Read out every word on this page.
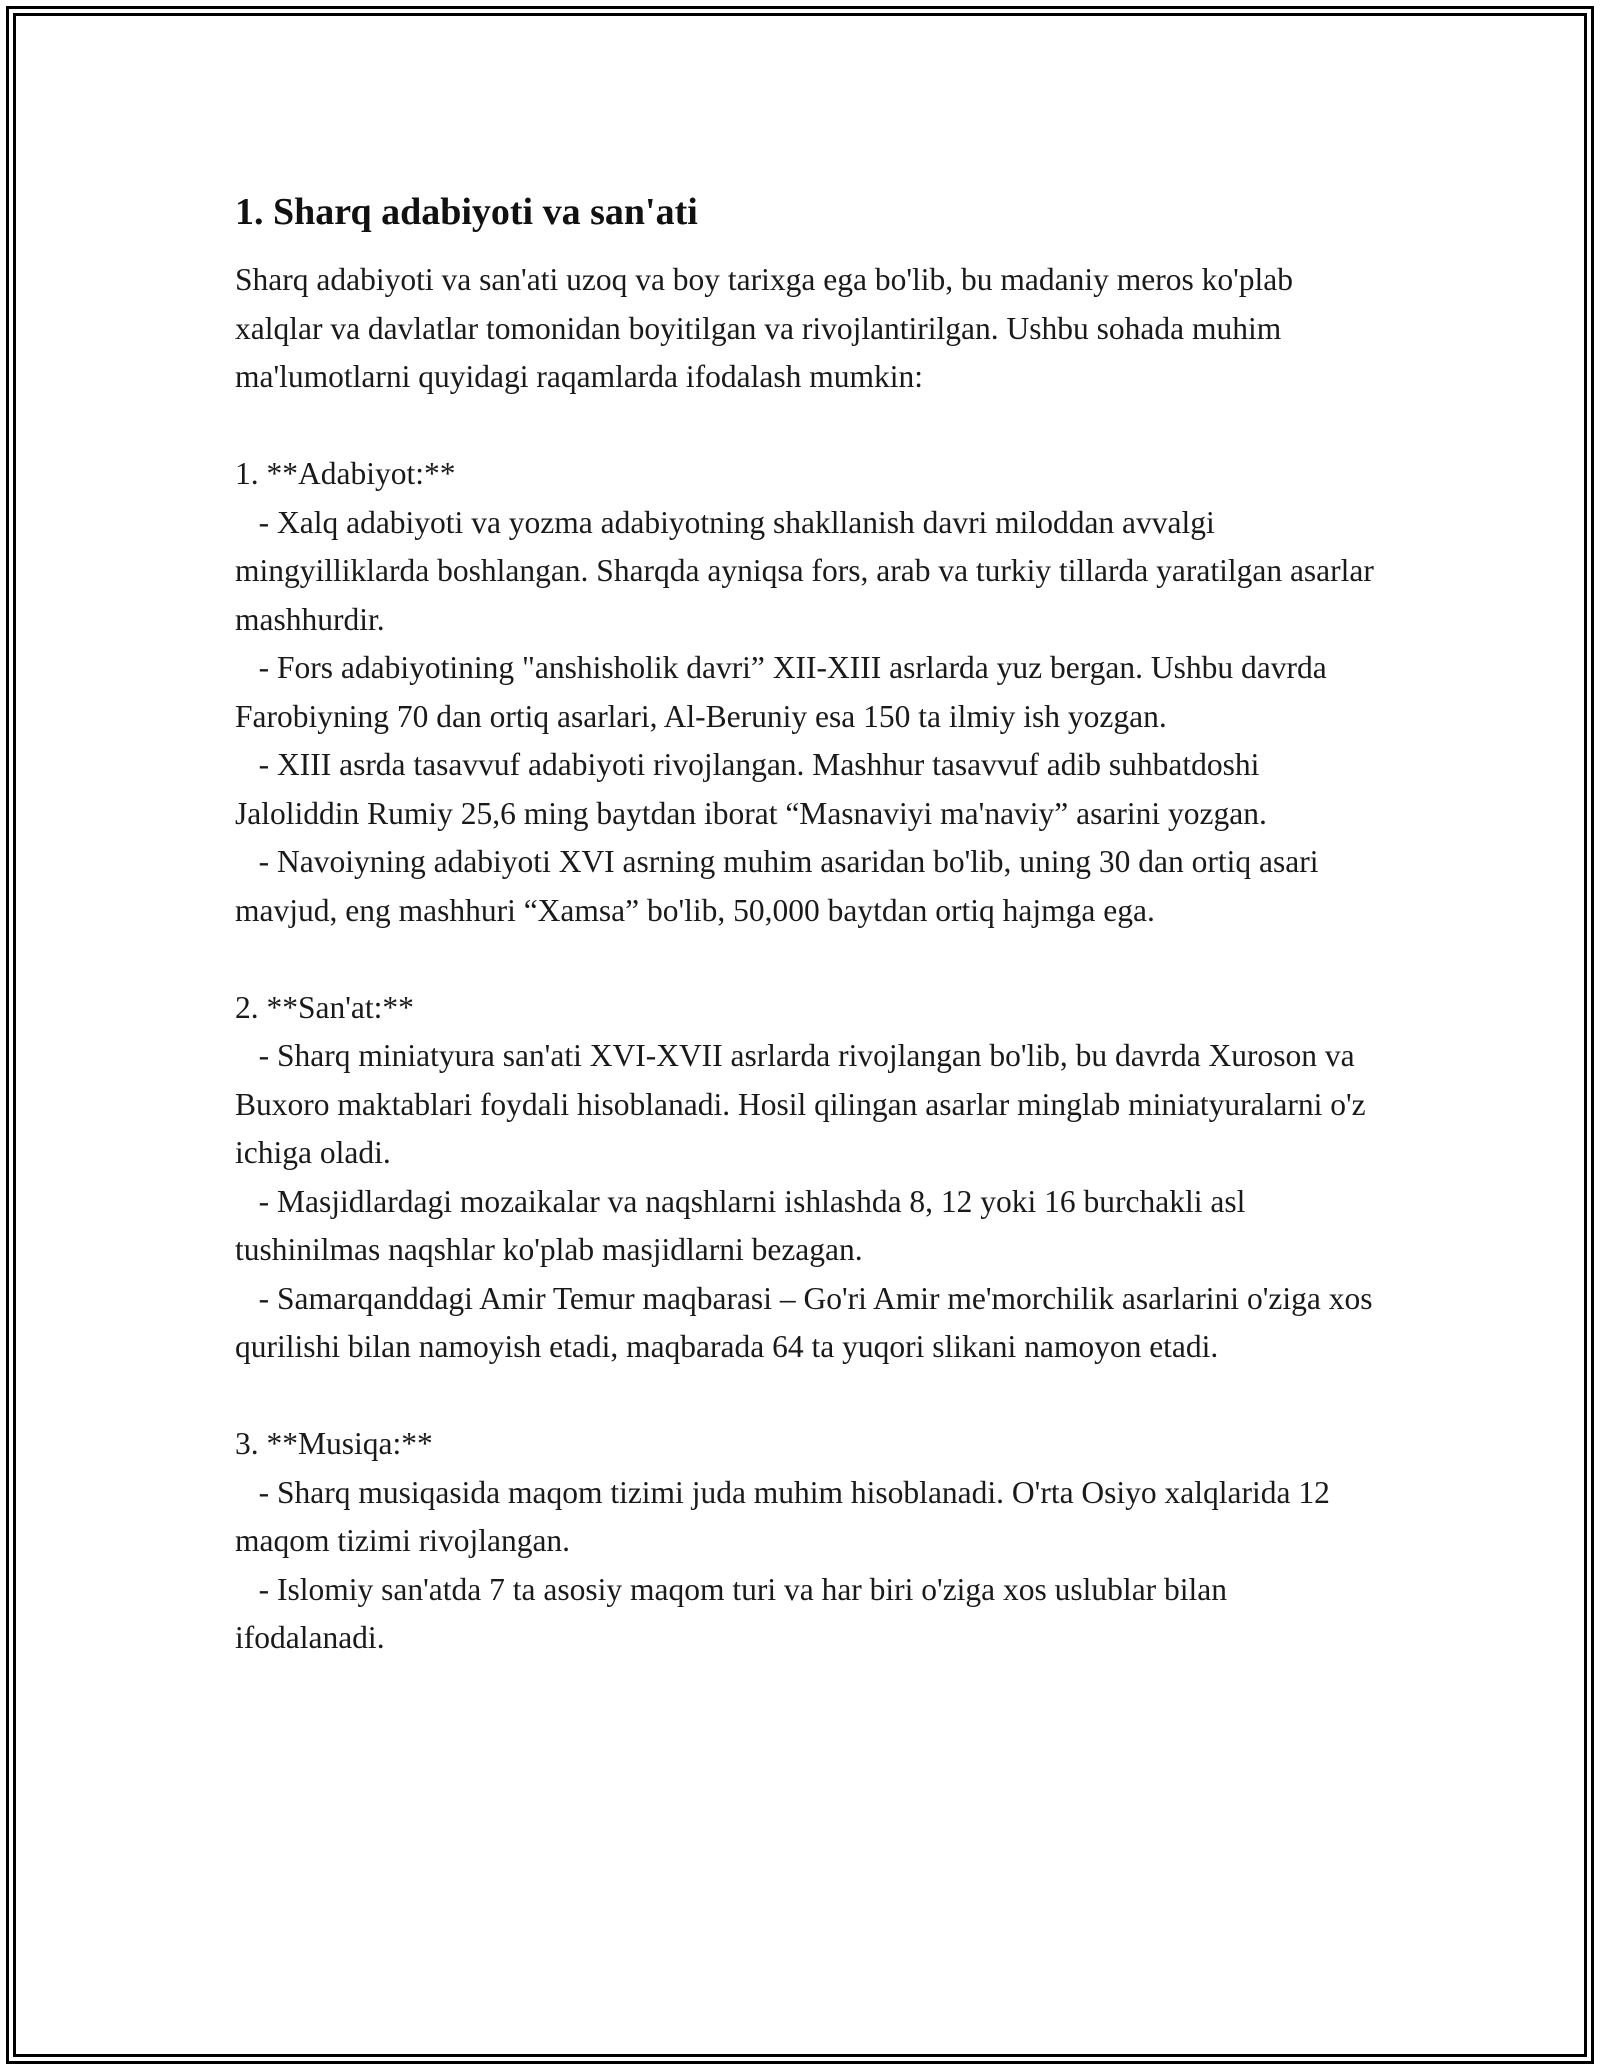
1. Sharq adabiyoti va san'ati

Sharq adabiyoti va san'ati uzoq va boy tarixga ega bo'lib, bu madaniy meros ko'plab xalqlar va davlatlar tomonidan boyitilgan va rivojlantirilgan. Ushbu sohada muhim ma'lumotlarni quyidagi raqamlarda ifodalash mumkin:

1. **Adabiyot:**

- Xalq adabiyoti va yozma adabiyotning shakllanish davri miloddan avvalgi mingyilliklarda boshlangan. Sharqda ayniqsa fors, arab va turkiy tillarda yaratilgan asarlar mashhurdir.

- Fors adabiyotining "anshisholik davri” XII-XIII asrlarda yuz bergan. Ushbu davrda Farobiyning 70 dan ortiq asarlari, Al-Beruniy esa 150 ta ilmiy ish yozgan.

- XIII asrda tasavvuf adabiyoti rivojlangan. Mashhur tasavvuf adib suhbatdoshi Jaloliddin Rumiy 25,6 ming baytdan iborat “Masnaviyi ma'naviy” asarini yozgan.

- Navoiyning adabiyoti XVI asrning muhim asaridan bo'lib, uning 30 dan ortiq asari mavjud, eng mashhuri “Xamsa” bo'lib, 50,000 baytdan ortiq hajmga ega.

2. **San'at:**

- Sharq miniatyura san'ati XVI-XVII asrlarda rivojlangan bo'lib, bu davrda Xuroson va Buxoro maktablari foydali hisoblanadi. Hosil qilingan asarlar minglab miniatyuralarni o'z ichiga oladi.

- Masjidlardagi mozaikalar va naqshlarni ishlashda 8, 12 yoki 16 burchakli asl tushinilmas naqshlar ko'plab masjidlarni bezagan.

- Samarqanddagi Amir Temur maqbarasi – Go'ri Amir me'morchilik asarlarini o'ziga xos qurilishi bilan namoyish etadi, maqbarada 64 ta yuqori slikani namoyon etadi.

3. **Musiqa:**

- Sharq musiqasida maqom tizimi juda muhim hisoblanadi. O'rta Osiyo xalqlarida 12 maqom tizimi rivojlangan.

- Islomiy san'atda 7 ta asosiy maqom turi va har biri o'ziga xos uslublar bilan ifodalanadi.
